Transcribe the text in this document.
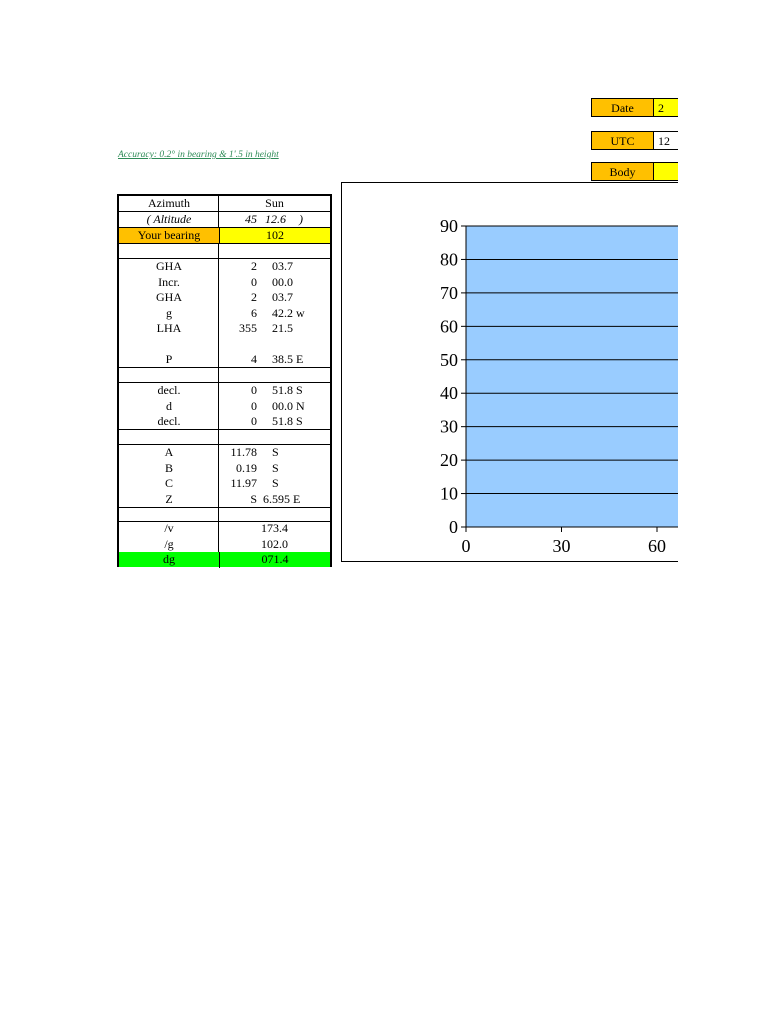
Date	2
UTC	12
Body
Accuracy: 0.2° in bearing & 1'.5 in height
Azimuth	Sun
( Altitude	45 12.6 )
Your bearing	102
GHA	2 03.7
Incr.	0 00.0
GHA	2 03.7
g	6 42.2 w
LHA	355 21.5
P	4 38.5 E
decl.	0 51.8 S
d	0 00.0 N
decl.	0 51.8 S
A	11.78 S
B	0.19 S
C	11.97 S
Z	S 6.595 E
/v	173.4
/g	102.0
dg	071.4
0
10
20
30
40
50
60
70
80
90
0	30	60
